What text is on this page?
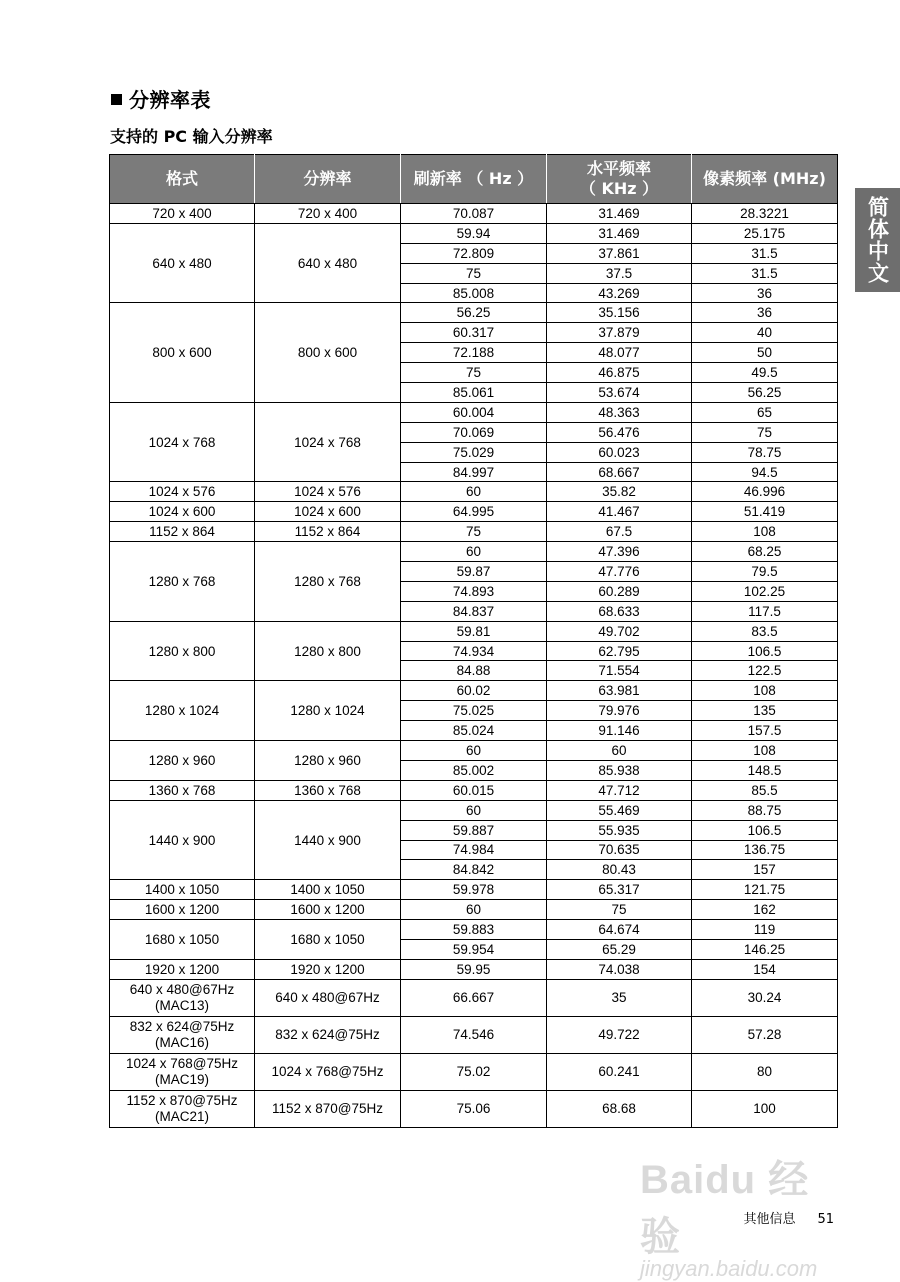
分辨率表
支持的 PC 输入分辨率
简体中文
格式	分辨率	刷新率 （ Hz ）	水平频率
（ KHz ）	像素频率 (MHz)
720 x 400	720 x 400	70.087	31.469	28.3221
640 x 480	640 x 480	59.94	31.469	25.175
		72.809	37.861	31.5
		75	37.5	31.5
		85.008	43.269	36
800 x 600	800 x 600	56.25	35.156	36
		60.317	37.879	40
		72.188	48.077	50
		75	46.875	49.5
		85.061	53.674	56.25
1024 x 768	1024 x 768	60.004	48.363	65
		70.069	56.476	75
		75.029	60.023	78.75
		84.997	68.667	94.5
1024 x 576	1024 x 576	60	35.82	46.996
1024 x 600	1024 x 600	64.995	41.467	51.419
1152 x 864	1152 x 864	75	67.5	108
1280 x 768	1280 x 768	60	47.396	68.25
		59.87	47.776	79.5
		74.893	60.289	102.25
		84.837	68.633	117.5
1280 x 800	1280 x 800	59.81	49.702	83.5
		74.934	62.795	106.5
		84.88	71.554	122.5
1280 x 1024	1280 x 1024	60.02	63.981	108
		75.025	79.976	135
		85.024	91.146	157.5
1280 x 960	1280 x 960	60	60	108
		85.002	85.938	148.5
1360 x 768	1360 x 768	60.015	47.712	85.5
1440 x 900	1440 x 900	60	55.469	88.75
		59.887	55.935	106.5
		74.984	70.635	136.75
		84.842	80.43	157
1400 x 1050	1400 x 1050	59.978	65.317	121.75
1600 x 1200	1600 x 1200	60	75	162
1680 x 1050	1680 x 1050	59.883	64.674	119
		59.954	65.29	146.25
1920 x 1200	1920 x 1200	59.95	74.038	154
640 x 480@67Hz
(MAC13)	640 x 480@67Hz	66.667	35	30.24
832 x 624@75Hz
(MAC16)	832 x 624@75Hz	74.546	49.722	57.28
1024 x 768@75Hz
(MAC19)	1024 x 768@75Hz	75.02	60.241	80
1152 x 870@75Hz
(MAC21)	1152 x 870@75Hz	75.06	68.68	100
其他信息 51
Baidu 经验
jingyan.baidu.com
